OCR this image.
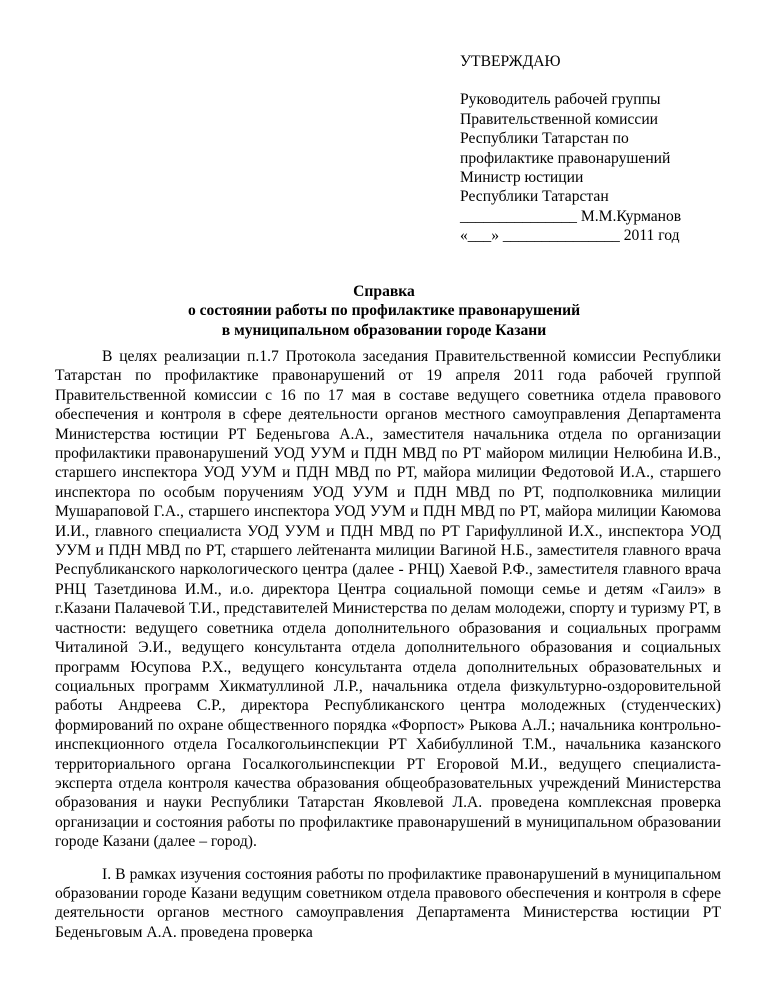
УТВЕРЖДАЮ
Руководитель рабочей группы
Правительственной комиссии
Республики Татарстан по
профилактике правонарушений
Министр юстиции
Республики Татарстан
_______________ М.М.Курманов
«___» _______________ 2011 год
Справка
о состоянии работы по профилактике правонарушений
в муниципальном образовании городе Казани

В целях реализации п.1.7 Протокола заседания Правительственной комиссии Республики Татарстан по профилактике правонарушений от 19 апреля 2011 года рабочей группой Правительственной комиссии с 16 по 17 мая в составе ведущего советника отдела правового обеспечения и контроля в сфере деятельности органов местного самоуправления Департамента Министерства юстиции РТ Беденьгова А.А., заместителя начальника отдела по организации профилактики правонарушений УОД УУМ и ПДН МВД по РТ майором милиции Нелюбина И.В., старшего инспектора УОД УУМ и ПДН МВД по РТ, майора милиции Федотовой И.А., старшего инспектора по особым поручениям УОД УУМ и ПДН МВД по РТ, подполковника милиции Мушараповой Г.А., старшего инспектора УОД УУМ и ПДН МВД по РТ, майора милиции Каюмова И.И., главного специалиста УОД УУМ и ПДН МВД по РТ Гарифуллиной И.Х., инспектора УОД УУМ и ПДН МВД по РТ, старшего лейтенанта милиции Вагиной Н.Б., заместителя главного врача Республиканского наркологического центра (далее - РНЦ) Хаевой Р.Ф., заместителя главного врача РНЦ Тазетдинова И.М., и.о. директора Центра социальной помощи семье и детям «Гаилэ» в г.Казани Палачевой Т.И., представителей Министерства по делам молодежи, спорту и туризму РТ, в частности: ведущего советника отдела дополнительного образования и социальных программ Читалиной Э.И., ведущего консультанта отдела дополнительного образования и социальных программ Юсупова Р.Х., ведущего консультанта отдела дополнительных образовательных и социальных программ Хикматуллиной Л.Р., начальника отдела физкультурно-оздоровительной работы Андреева С.Р., директора Республиканского центра молодежных (студенческих) формирований по охране общественного порядка «Форпост» Рыкова А.Л.; начальника контрольно-инспекционного отдела Госалкогольинспекции РТ Хабибуллиной Т.М., начальника казанского территориального органа Госалкогольинспекции РТ Егоровой М.И., ведущего специалиста-эксперта отдела контроля качества образования общеобразовательных учреждений Министерства образования и науки Республики Татарстан Яковлевой Л.А. проведена комплексная проверка организации и состояния работы по профилактике правонарушений в муниципальном образовании городе Казани (далее – город).

I. В рамках изучения состояния работы по профилактике правонарушений в муниципальном образовании городе Казани ведущим советником отдела правового обеспечения и контроля в сфере деятельности органов местного самоуправления Департамента Министерства юстиции РТ Беденьговым А.А. проведена проверка
